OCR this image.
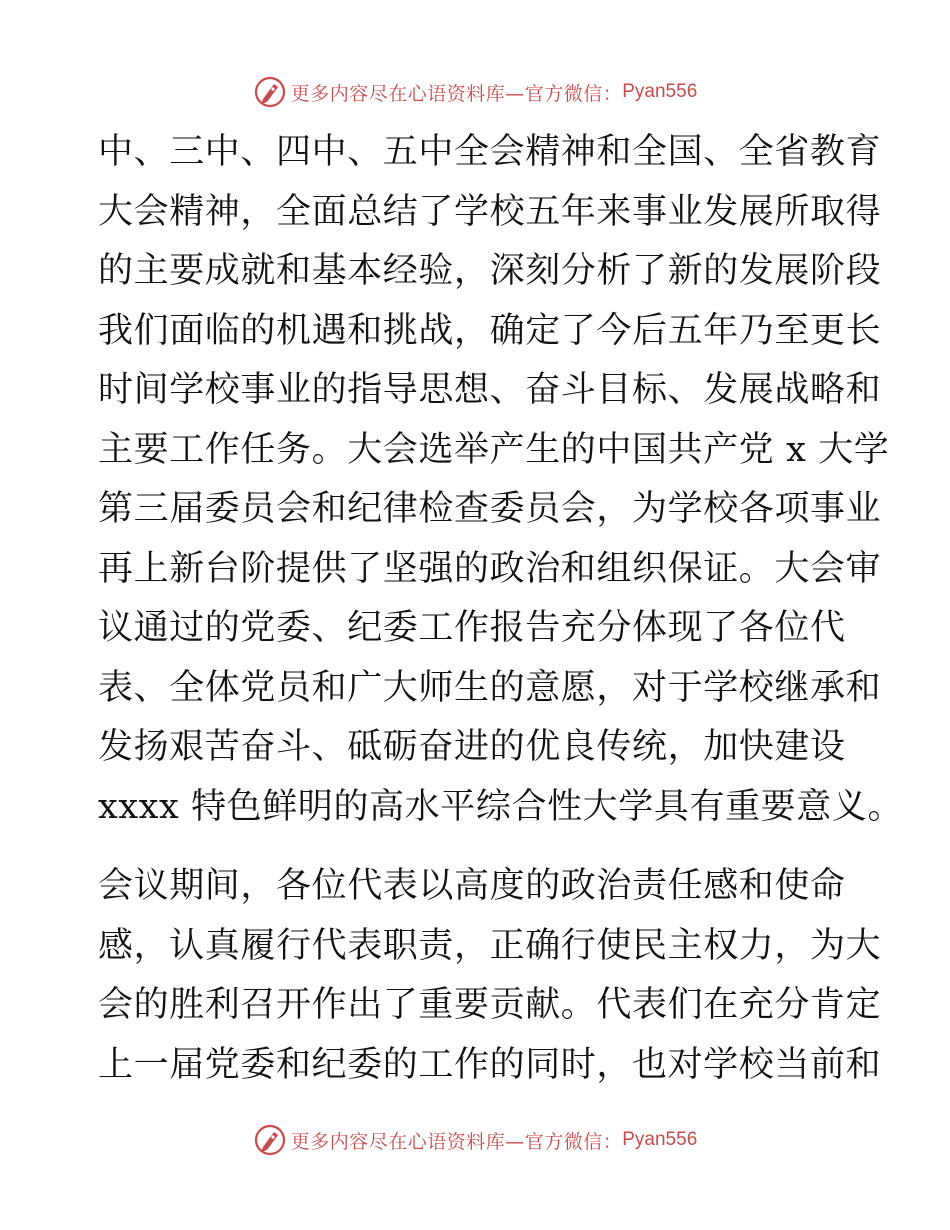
更多内容尽在心语资料库—官方微信： Pyan556
中、三中、四中、五中全会精神和全国、全省教育
大会精神，全面总结了学校五年来事业发展所取得
的主要成就和基本经验，深刻分析了新的发展阶段
我们面临的机遇和挑战，确定了今后五年乃至更长
时间学校事业的指导思想、奋斗目标、发展战略和
主要工作任务。大会选举产生的中国共产党 x 大学
第三届委员会和纪律检查委员会，为学校各项事业
再上新台阶提供了坚强的政治和组织保证。大会审
议通过的党委、纪委工作报告充分体现了各位代
表、全体党员和广大师生的意愿，对于学校继承和
发扬艰苦奋斗、砥砺奋进的优良传统，加快建设
xxxx 特色鲜明的高水平综合性大学具有重要意义。
会议期间，各位代表以高度的政治责任感和使命
感，认真履行代表职责，正确行使民主权力，为大
会的胜利召开作出了重要贡献。代表们在充分肯定
上一届党委和纪委的工作的同时，也对学校当前和
更多内容尽在心语资料库—官方微信： Pyan556
